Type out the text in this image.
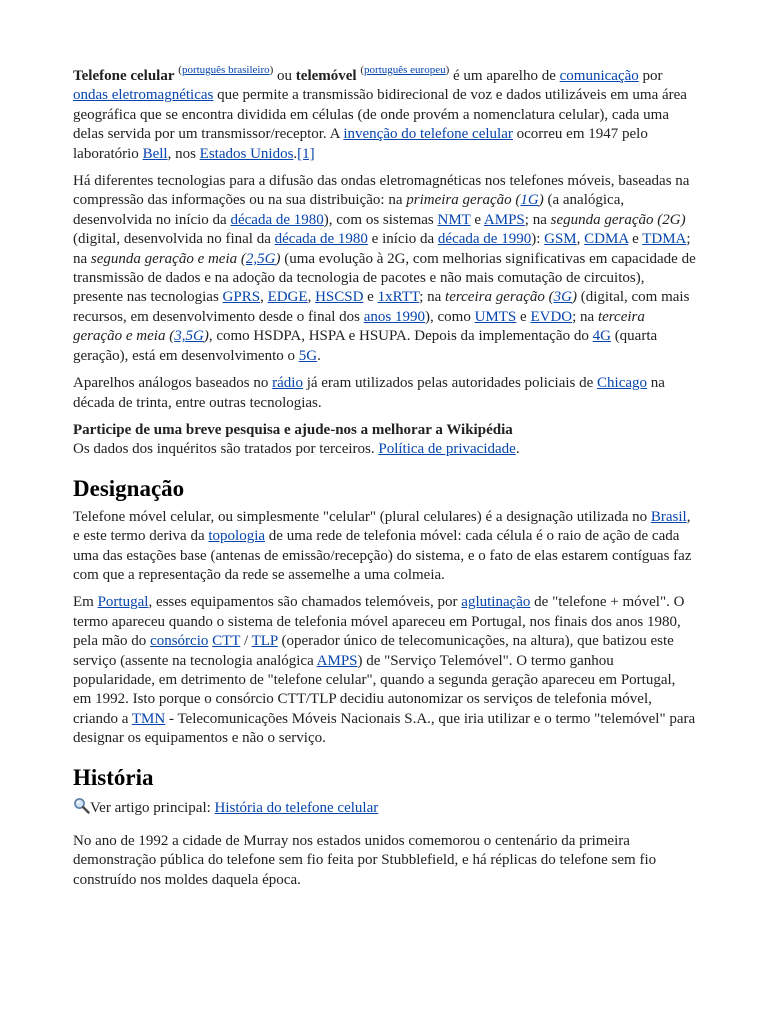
Telefone celular $^{(português brasileiro)}$ ou telemóvel $^{(português europeu)}$ é um aparelho de comunicação por ondas eletromagnéticas que permite a transmissão bidirecional de voz e dados utilizáveis em uma área geográfica que se encontra dividida em células (de onde provém a nomenclatura celular), cada uma delas servida por um transmissor/receptor. A invenção do telefone celular ocorreu em 1947 pelo laboratório Bell, nos Estados Unidos.[1]

Há diferentes tecnologias para a difusão das ondas eletromagnéticas nos telefones móveis, baseadas na compressão das informações ou na sua distribuição: na primeira geração (1G) (a analógica, desenvolvida no início da década de 1980), com os sistemas NMT e AMPS; na segunda geração (2G) (digital, desenvolvida no final da década de 1980 e início da década de 1990): GSM, CDMA e TDMA; na segunda geração e meia (2,5G) (uma evolução à 2G, com melhorias significativas em capacidade de transmissão de dados e na adoção da tecnologia de pacotes e não mais comutação de circuitos), presente nas tecnologias GPRS, EDGE, HSCSD e 1xRTT; na terceira geração (3G) (digital, com mais recursos, em desenvolvimento desde o final dos anos 1990), como UMTS e EVDO; na terceira geração e meia (3,5G), como HSDPA, HSPA e HSUPA. Depois da implementação do 4G (quarta geração), está em desenvolvimento o 5G.

Aparelhos análogos baseados no rádio já eram utilizados pelas autoridades policiais de Chicago na década de trinta, entre outras tecnologias.

Participe de uma breve pesquisa e ajude-nos a melhorar a Wikipédia
Os dados dos inquéritos são tratados por terceiros. Política de privacidade.

Designação

Telefone móvel celular, ou simplesmente "celular" (plural celulares) é a designação utilizada no Brasil, e este termo deriva da topologia de uma rede de telefonia móvel: cada célula é o raio de ação de cada uma das estações base (antenas de emissão/recepção) do sistema, e o fato de elas estarem contíguas faz com que a representação da rede se assemelhe a uma colmeia.

Em Portugal, esses equipamentos são chamados telemóveis, por aglutinação de "telefone + móvel". O termo apareceu quando o sistema de telefonia móvel apareceu em Portugal, nos finais dos anos 1980, pela mão do consórcio CTT / TLP (operador único de telecomunicações, na altura), que batizou este serviço (assente na tecnologia analógica AMPS) de "Serviço Telemóvel". O termo ganhou popularidade, em detrimento de "telefone celular", quando a segunda geração apareceu em Portugal, em 1992. Isto porque o consórcio CTT/TLP decidiu autonomizar os serviços de telefonia móvel, criando a TMN - Telecomunicações Móveis Nacionais S.A., que iria utilizar e o termo "telemóvel" para designar os equipamentos e não o serviço.

História

Ver artigo principal: História do telefone celular

No ano de 1992 a cidade de Murray nos estados unidos comemorou o centenário da primeira demonstração pública do telefone sem fio feita por Stubblefield, e há réplicas do telefone sem fio construído nos moldes daquela época.
